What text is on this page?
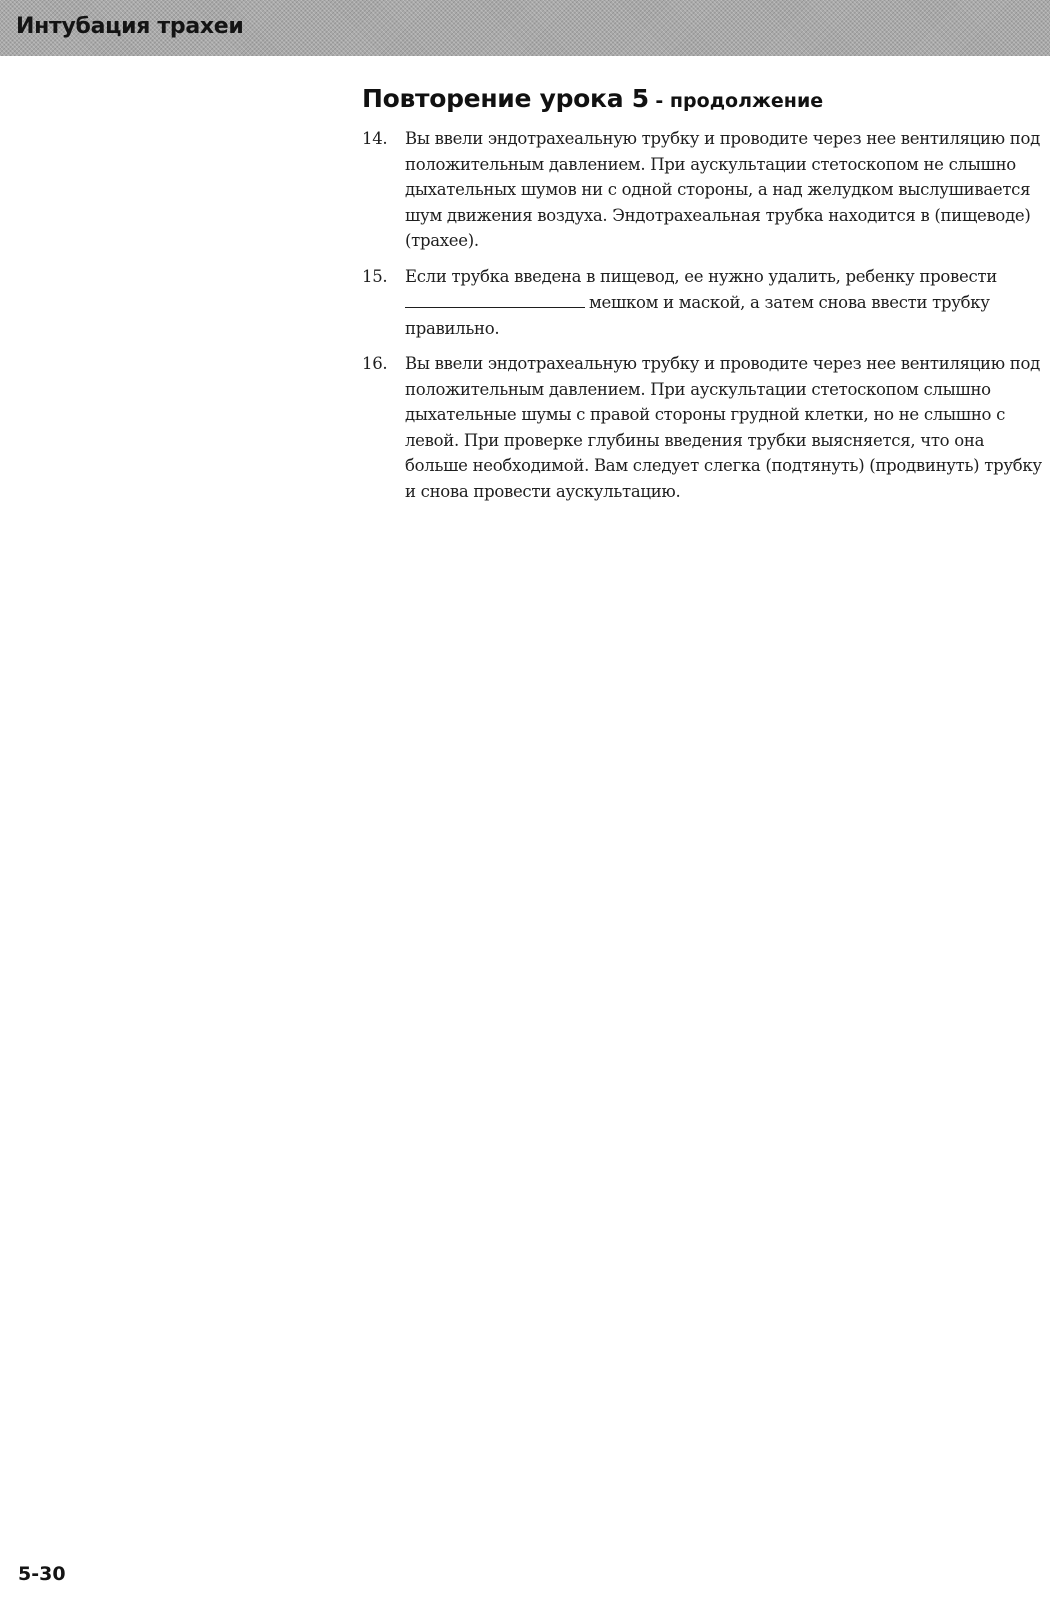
Интубация трахеи
Повторение урока 5 - продолжение
14. Вы ввели эндотрахеальную трубку и проводите через нее вентиляцию под положительным давлением. При аускультации стетоскопом не слышно дыхательных шумов ни с одной стороны, а над желудком выслушивается шум движения воздуха. Эндотрахеальная трубка находится в (пищеводе) (трахее).
15. Если трубка введена в пищевод, ее нужно удалить, ребенку провести мешком и маской, а затем снова ввести трубку правильно.
16. Вы ввели эндотрахеальную трубку и проводите через нее вентиляцию под положительным давлением. При аускультации стетоскопом слышно дыхательные шумы с правой стороны грудной клетки, но не слышно с левой. При проверке глубины введения трубки выясняется, что она больше необходимой. Вам следует слегка (подтянуть) (продвинуть) трубку и снова провести аускультацию.

5-30
